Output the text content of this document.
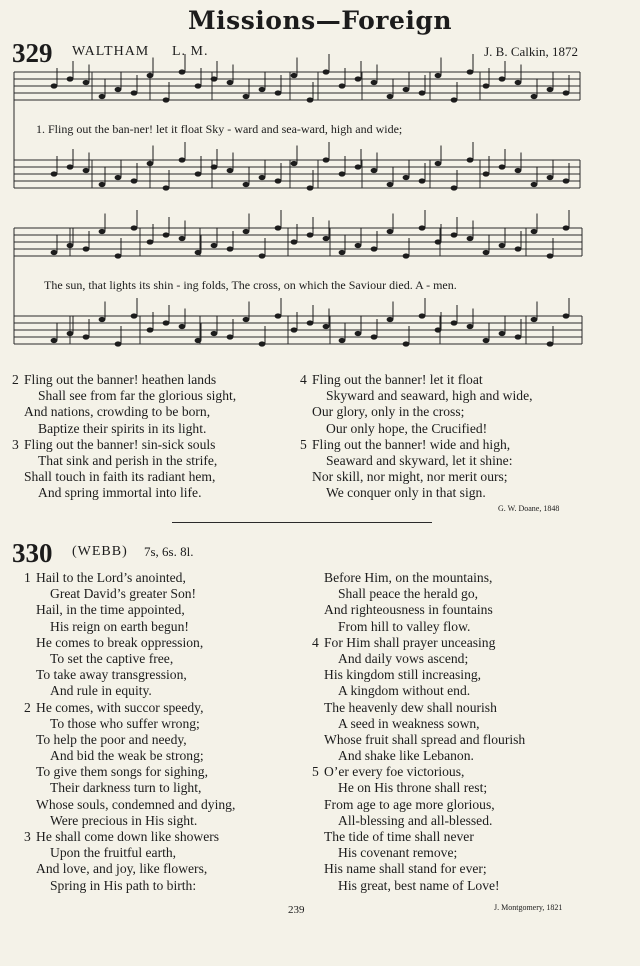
Missions—Foreign
329 WALTHAM L. M.	J. B. Calkin, 1872
1. Fling out the ban-ner! let it float Sky - ward and sea-ward, high and wide;
The sun, that lights its shin - ing folds, The cross, on which the Saviour died. A - men.
2 Fling out the banner! heathen lands
Shall see from far the glorious sight,
And nations, crowding to be born,
Baptize their spirits in its light.
3 Fling out the banner! sin-sick souls
That sink and perish in the strife,
Shall touch in faith its radiant hem,
And spring immortal into life.
4 Fling out the banner! let it float
Skyward and seaward, high and wide,
Our glory, only in the cross;
Our only hope, the Crucified!
5 Fling out the banner! wide and high,
Seaward and skyward, let it shine:
Nor skill, nor might, nor merit ours;
We conquer only in that sign.
G. W. Doane, 1848
330 (WEBB) 7s, 6s. 8l.
1 Hail to the Lord’s anointed,
Great David’s greater Son!
Hail, in the time appointed,
His reign on earth begun!
He comes to break oppression,
To set the captive free,
To take away transgression,
And rule in equity.
2 He comes, with succor speedy,
To those who suffer wrong;
To help the poor and needy,
And bid the weak be strong;
To give them songs for sighing,
Their darkness turn to light,
Whose souls, condemned and dying,
Were precious in His sight.
3 He shall come down like showers
Upon the fruitful earth,
And love, and joy, like flowers,
Spring in His path to birth:
Before Him, on the mountains,
Shall peace the herald go,
And righteousness in fountains
From hill to valley flow.
4 For Him shall prayer unceasing
And daily vows ascend;
His kingdom still increasing,
A kingdom without end.
The heavenly dew shall nourish
A seed in weakness sown,
Whose fruit shall spread and flourish
And shake like Lebanon.
5 O’er every foe victorious,
He on His throne shall rest;
From age to age more glorious,
All-blessing and all-blessed.
The tide of time shall never
His covenant remove;
His name shall stand for ever;
His great, best name of Love!
J. Montgomery, 1821
239
